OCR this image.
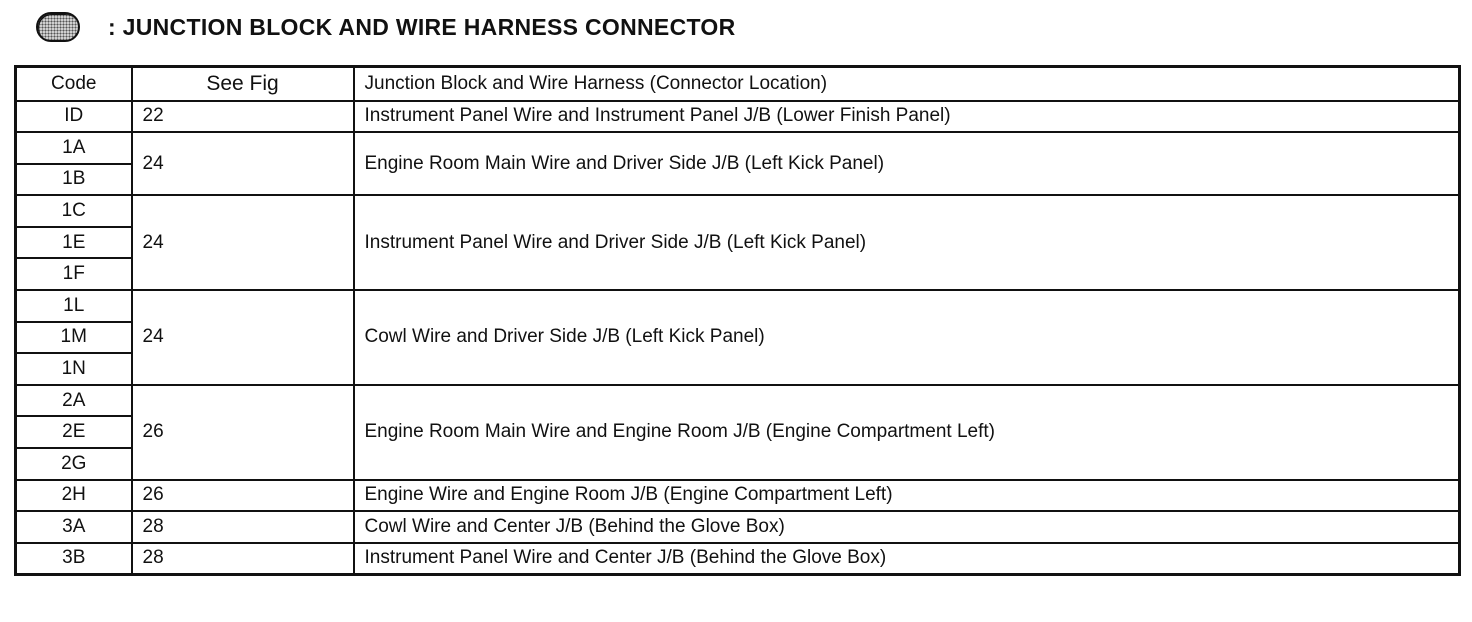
: JUNCTION BLOCK AND WIRE HARNESS CONNECTOR
Code	See Fig	Junction Block and Wire Harness (Connector Location)
ID	22	Instrument Panel Wire and Instrument Panel J/B (Lower Finish Panel)
1A	24	Engine Room Main Wire and Driver Side J/B (Left Kick Panel)
1B		
1C	24	Instrument Panel Wire and Driver Side J/B (Left Kick Panel)
1E		
1F		
1L	24	Cowl Wire and Driver Side J/B (Left Kick Panel)
1M		
1N		
2A	26	Engine Room Main Wire and Engine Room J/B (Engine Compartment Left)
2E		
2G		
2H	26	Engine Wire and Engine Room J/B (Engine Compartment Left)
3A	28	Cowl Wire and Center J/B (Behind the Glove Box)
3B	28	Instrument Panel Wire and Center J/B (Behind the Glove Box)
